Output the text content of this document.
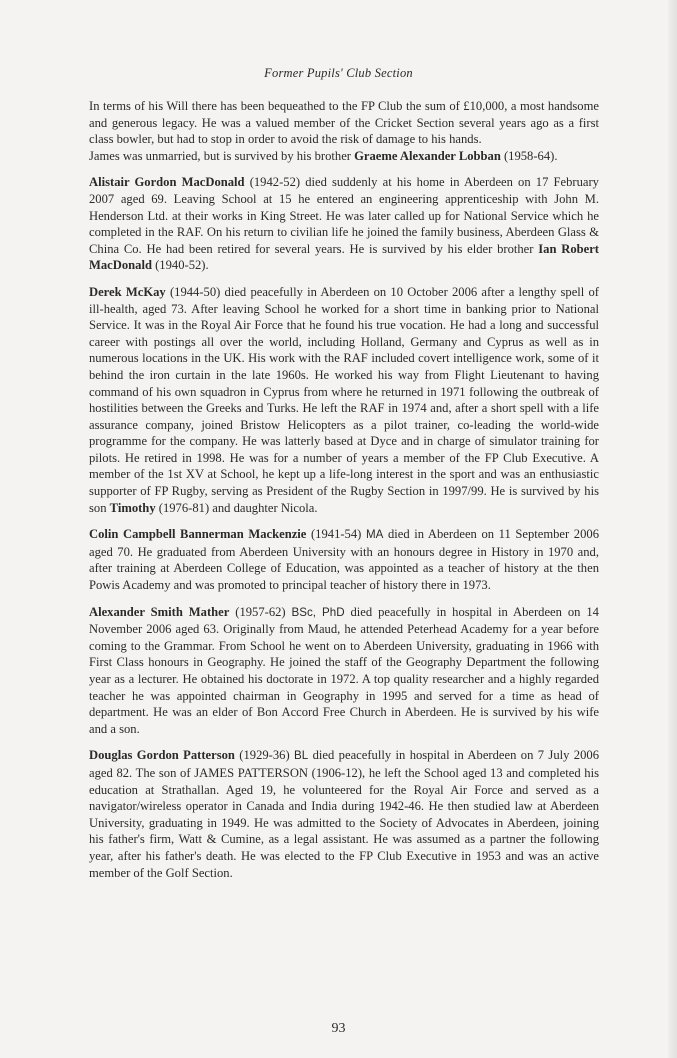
Former Pupils' Club Section

In terms of his Will there has been bequeathed to the FP Club the sum of £10,000, a most handsome and generous legacy. He was a valued member of the Cricket Section several years ago as a first class bowler, but had to stop in order to avoid the risk of damage to his hands.

James was unmarried, but is survived by his brother Graeme Alexander Lobban (1958-64).

Alistair Gordon MacDonald (1942-52) died suddenly at his home in Aberdeen on 17 February 2007 aged 69. Leaving School at 15 he entered an engineering apprenticeship with John M. Henderson Ltd. at their works in King Street. He was later called up for National Service which he completed in the RAF. On his return to civilian life he joined the family business, Aberdeen Glass & China Co. He had been retired for several years. He is survived by his elder brother Ian Robert MacDonald (1940-52).

Derek McKay (1944-50) died peacefully in Aberdeen on 10 October 2006 after a lengthy spell of ill-health, aged 73. After leaving School he worked for a short time in banking prior to National Service. It was in the Royal Air Force that he found his true vocation. He had a long and successful career with postings all over the world, including Holland, Germany and Cyprus as well as in numerous locations in the UK. His work with the RAF included covert intelligence work, some of it behind the iron curtain in the late 1960s. He worked his way from Flight Lieutenant to having command of his own squadron in Cyprus from where he returned in 1971 following the outbreak of hostilities between the Greeks and Turks. He left the RAF in 1974 and, after a short spell with a life assurance company, joined Bristow Helicopters as a pilot trainer, co-leading the world-wide programme for the company. He was latterly based at Dyce and in charge of simulator training for pilots. He retired in 1998. He was for a number of years a member of the FP Club Executive. A member of the 1st XV at School, he kept up a life-long interest in the sport and was an enthusiastic supporter of FP Rugby, serving as President of the Rugby Section in 1997/99. He is survived by his son Timothy (1976-81) and daughter Nicola.

Colin Campbell Bannerman Mackenzie (1941-54) MA died in Aberdeen on 11 September 2006 aged 70. He graduated from Aberdeen University with an honours degree in History in 1970 and, after training at Aberdeen College of Education, was appointed as a teacher of history at the then Powis Academy and was promoted to principal teacher of history there in 1973.

Alexander Smith Mather (1957-62) BSc, PhD died peacefully in hospital in Aberdeen on 14 November 2006 aged 63. Originally from Maud, he attended Peterhead Academy for a year before coming to the Grammar. From School he went on to Aberdeen University, graduating in 1966 with First Class honours in Geography. He joined the staff of the Geography Department the following year as a lecturer. He obtained his doctorate in 1972. A top quality researcher and a highly regarded teacher he was appointed chairman in Geography in 1995 and served for a time as head of department. He was an elder of Bon Accord Free Church in Aberdeen. He is survived by his wife and a son.

Douglas Gordon Patterson (1929-36) BL died peacefully in hospital in Aberdeen on 7 July 2006 aged 82. The son of JAMES PATTERSON (1906-12), he left the School aged 13 and completed his education at Strathallan. Aged 19, he volunteered for the Royal Air Force and served as a navigator/wireless operator in Canada and India during 1942-46. He then studied law at Aberdeen University, graduating in 1949. He was admitted to the Society of Advocates in Aberdeen, joining his father's firm, Watt & Cumine, as a legal assistant. He was assumed as a partner the following year, after his father's death. He was elected to the FP Club Executive in 1953 and was an active member of the Golf Section.

93
